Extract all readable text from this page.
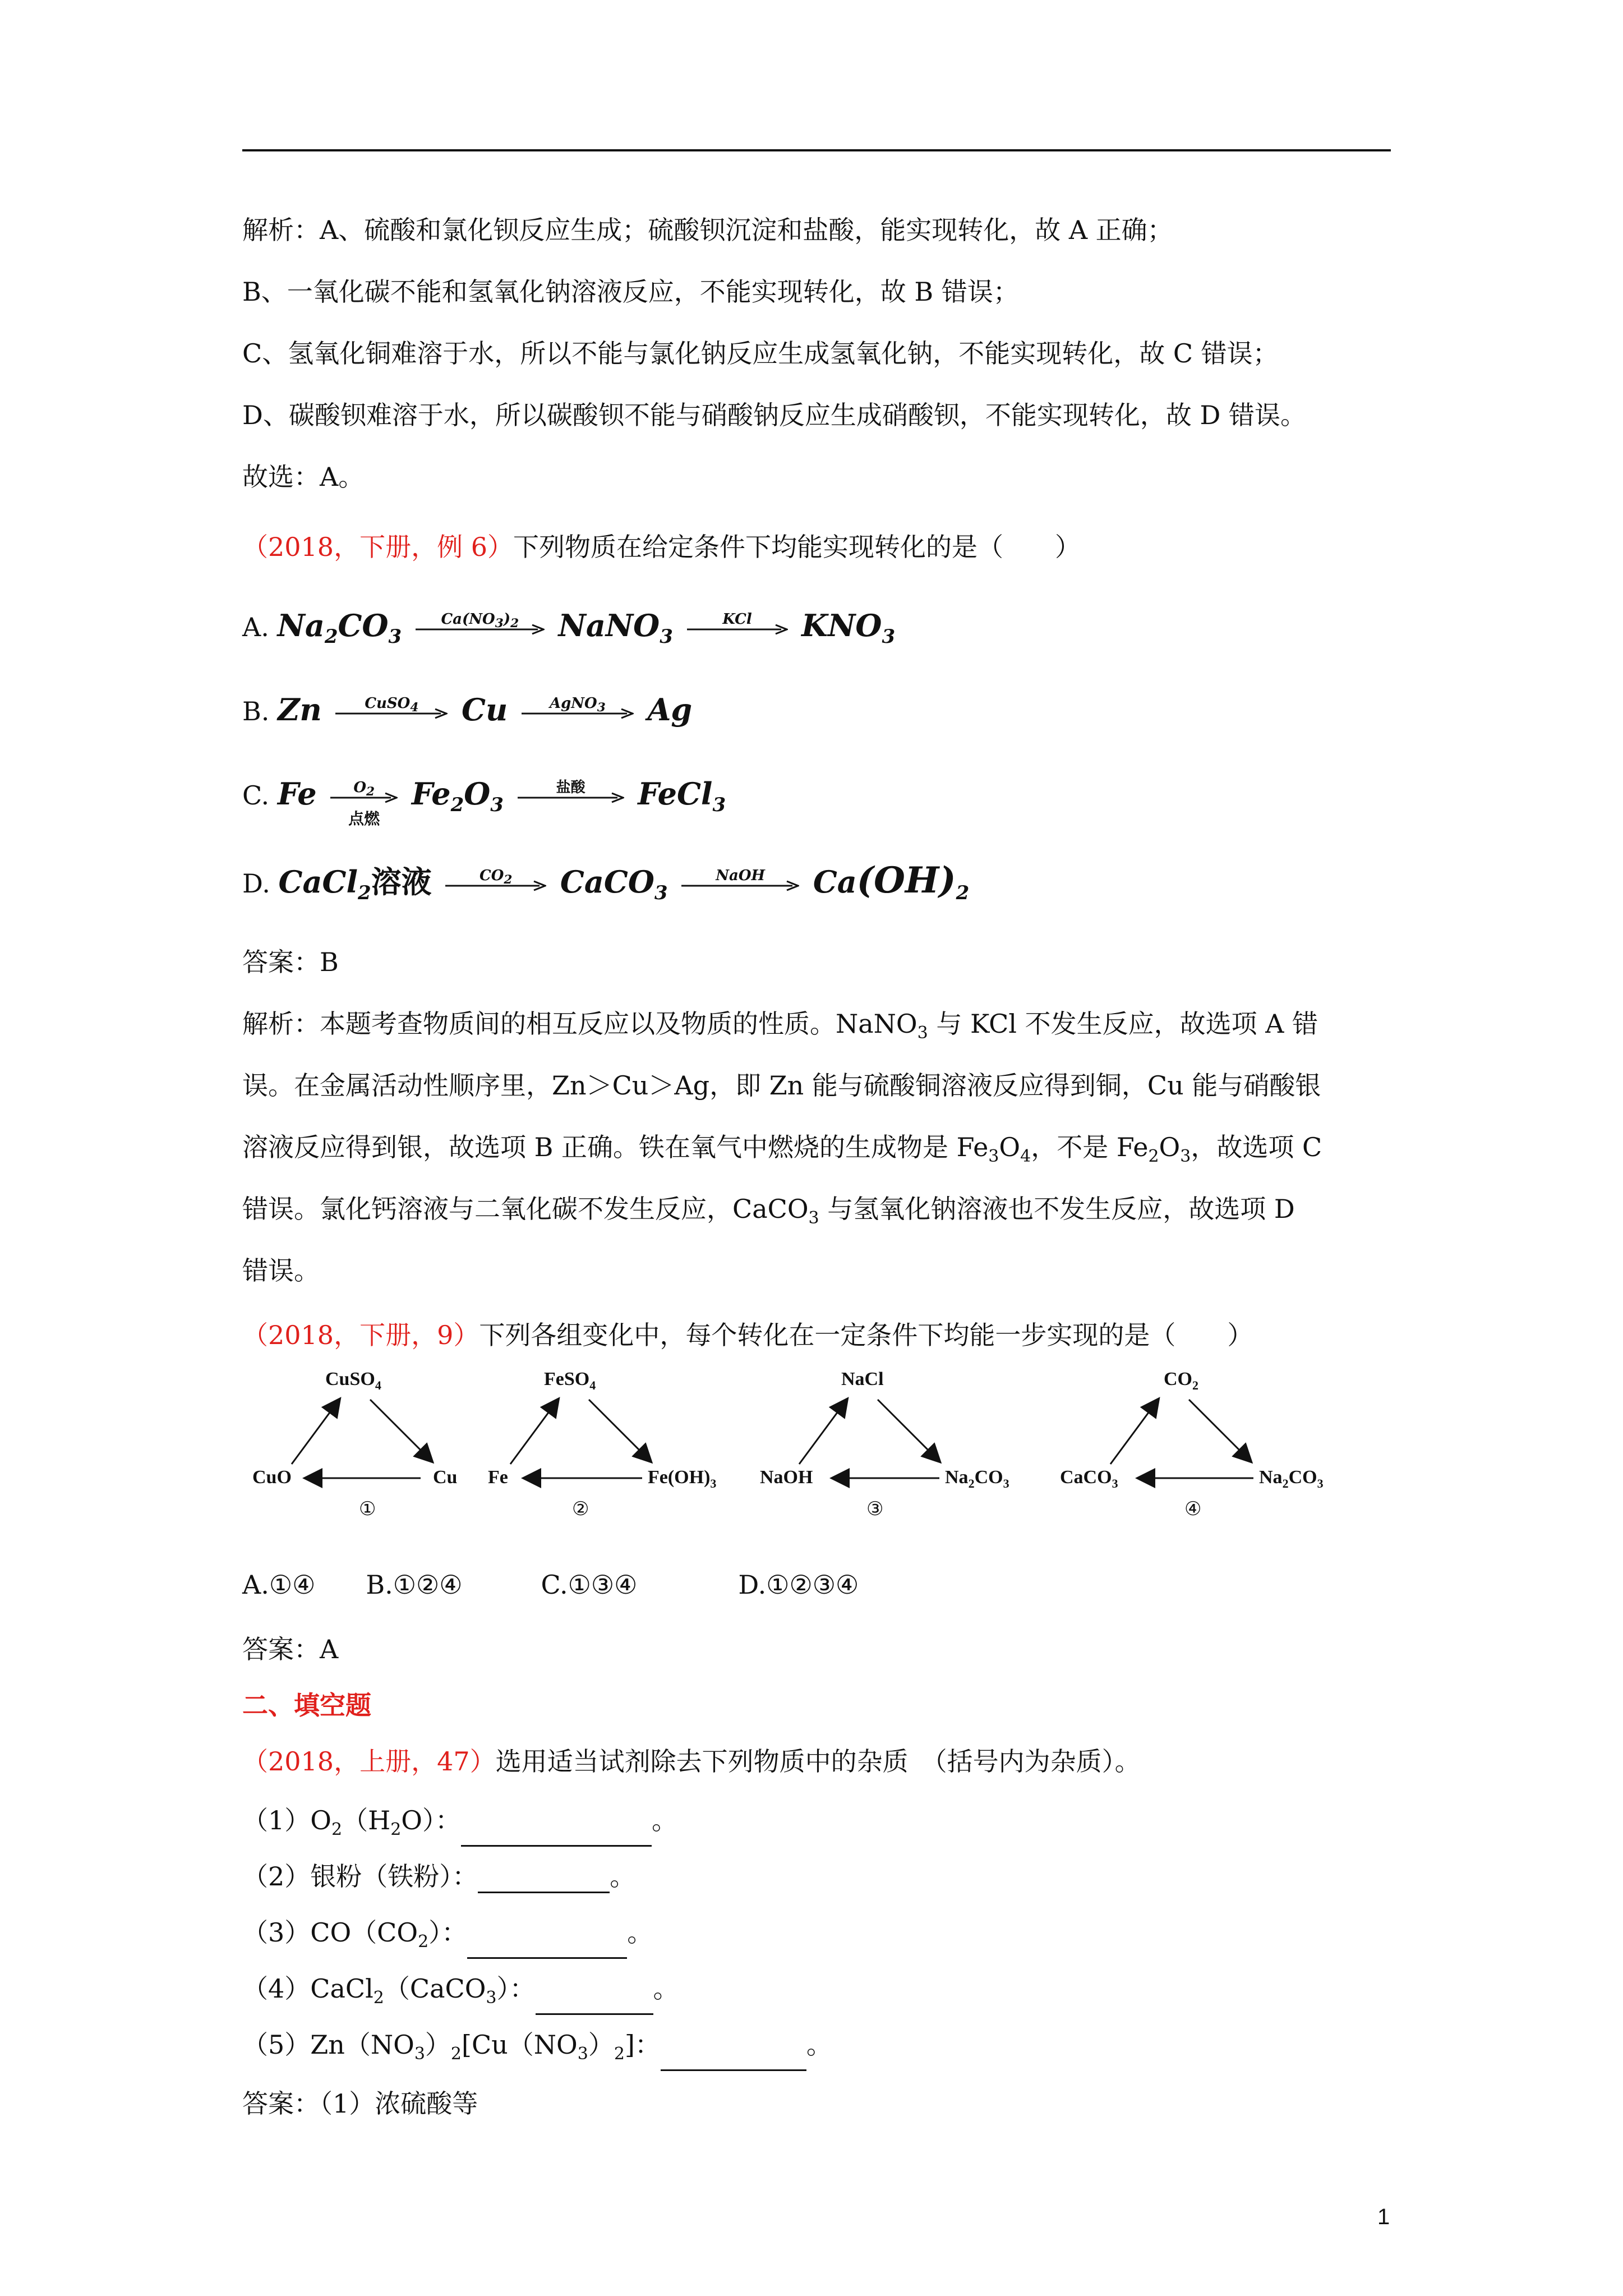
解析：A、硫酸和氯化钡反应生成；硫酸钡沉淀和盐酸，能实现转化，故 A 正确；
B、一氧化碳不能和氢氧化钠溶液反应，不能实现转化，故 B 错误；
C、氢氧化铜难溶于水，所以不能与氯化钠反应生成氢氧化钠，不能实现转化，故 C 错误；
D、碳酸钡难溶于水，所以碳酸钡不能与硝酸钠反应生成硝酸钡，不能实现转化，故 D 错误。
故选：A。
（2018，下册，例 6）下列物质在给定条件下均能实现转化的是（　　）
A. $Na_2CO_3$
$Ca(NO_3)_2$	NaNO$_3$
KCl	$KNO_3$
B. Zn	CuSO$_4$	Cu	AgNO$_3$	Ag
C. Fe	$O_2$
点燃
$Fe_2O_3$
盐酸	FeCl$_3$
D. CaCl$_2$溶液	$CO_2$	CaCO$_3$
NaOH	$Ca(OH)_2$
答案：B
解析：本题考查物质间的相互反应以及物质的性质。NaNO$_3$ 与 KCl 不发生反应，故选项 A 错
误。在金属活动性顺序里，Zn＞Cu＞Ag，即 Zn 能与硫酸铜溶液反应得到铜，Cu 能与硝酸银
溶液反应得到银，故选项 B 正确。铁在氧气中燃烧的生成物是 $Fe_3O_4$，不是 $Fe_2O_3$，故选项 C
错误。氯化钙溶液与二氧化碳不发生反应，CaCO$_3$ 与氢氧化钠溶液也不发生反应，故选项 D
错误。
（2018，下册，9）下列各组变化中，每个转化在一定条件下均能一步实现的是（　　）
CuSO$_4$
CuO	Cu
①
FeSO$_4$
Fe	$Fe(OH)_3$
②
NaCl
NaOH	$Na_2CO_3$
③
$CO_2$
CaCO$_3$	$Na_2CO_3$
④
A.①④ B.①②④	C.①③④	D.①②③④
答案：A
二、填空题
（2018，上册，47）选用适当试剂除去下列物质中的杂质　（括号内为杂质）。
$(1)O_2(H_2O)$：	。
（2）银粉（铁粉）：	。
$(3)CO(CO_2)$：	。
（4）CaCl$_2$（CaCO$_3$）：	。
$(5)Zn(NO_3)_2[Cu(NO_3)_2]$：	。
答案：（1）浓硫酸等
1
